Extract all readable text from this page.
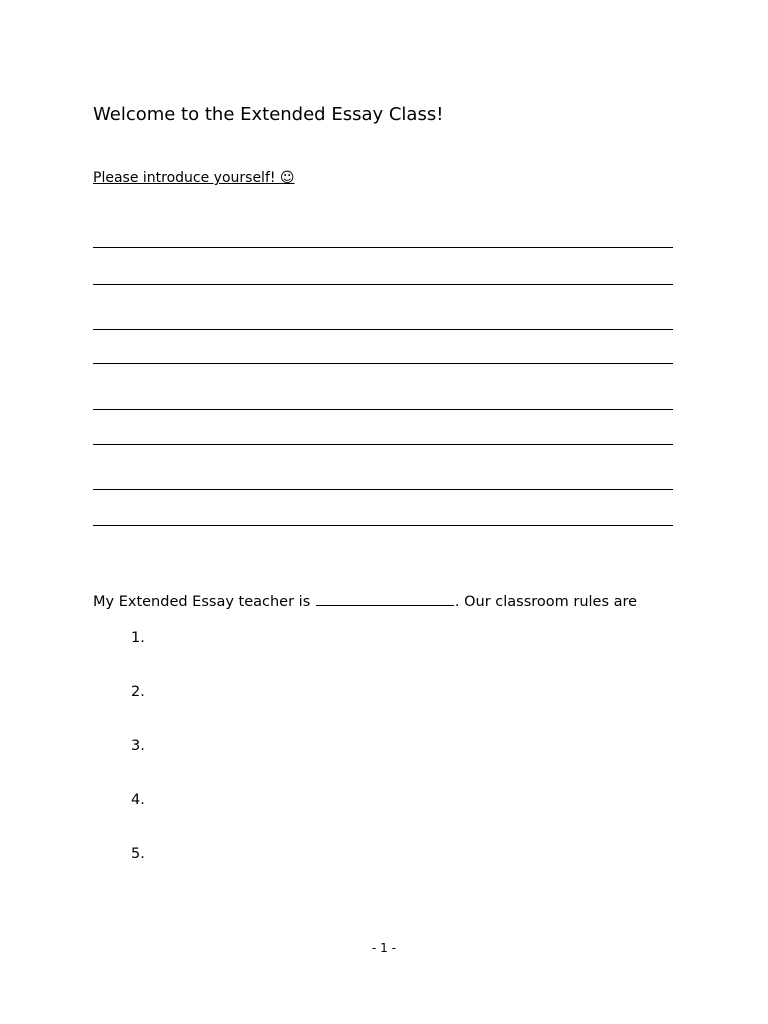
Welcome to the Extended Essay Class!
Please introduce yourself! ☺
My Extended Essay teacher is	. Our classroom rules are
1.
2.
3.
4.
5.
- 1 -
